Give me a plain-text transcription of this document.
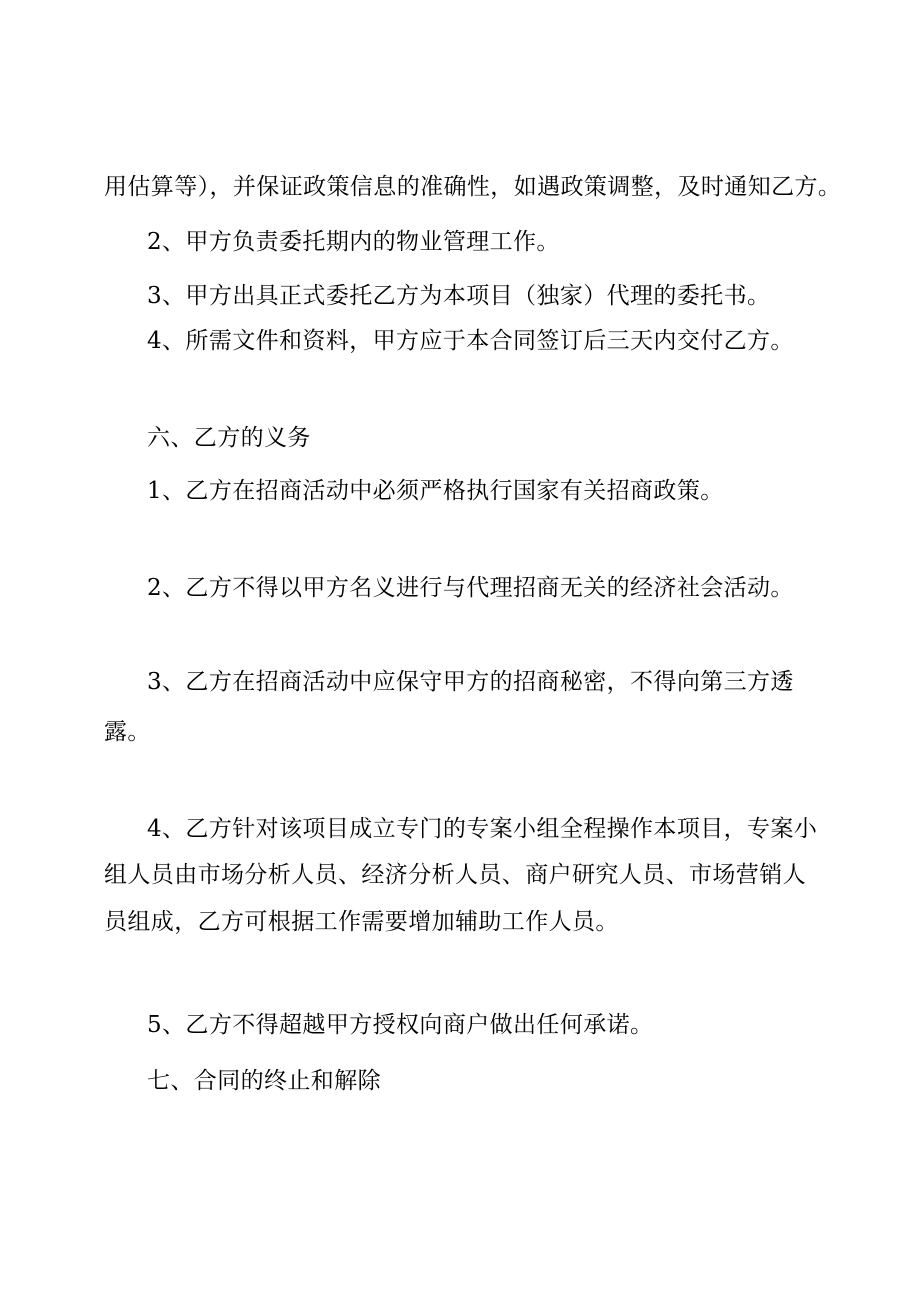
用估算等），并保证政策信息的准确性，如遇政策调整，及时通知乙方。
2、甲方负责委托期内的物业管理工作。
3、甲方出具正式委托乙方为本项目（独家）代理的委托书。
4、所需文件和资料，甲方应于本合同签订后三天内交付乙方。
六、乙方的义务
1、乙方在招商活动中必须严格执行国家有关招商政策。
2、乙方不得以甲方名义进行与代理招商无关的经济社会活动。
3、乙方在招商活动中应保守甲方的招商秘密，不得向第三方透
露。
4、乙方针对该项目成立专门的专案小组全程操作本项目，专案小
组人员由市场分析人员、经济分析人员、商户研究人员、市场营销人
员组成，乙方可根据工作需要增加辅助工作人员。
5、乙方不得超越甲方授权向商户做出任何承诺。
七、合同的终止和解除
